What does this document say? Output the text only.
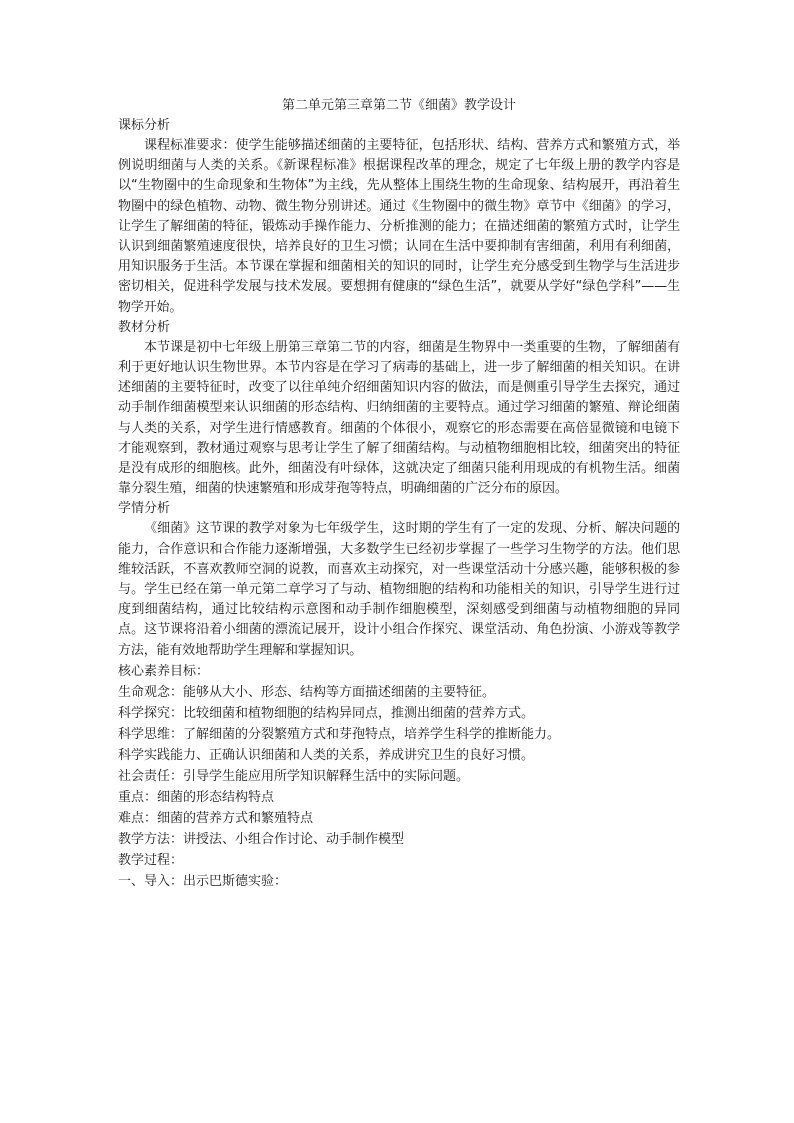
第二单元第三章第二节《细菌》教学设计

课标分析

课程标准要求：使学生能够描述细菌的主要特征，包括形状、结构、营养方式和繁殖方式，举例说明细菌与人类的关系。《新课程标准》根据课程改革的理念，规定了七年级上册的教学内容是以“生物圈中的生命现象和生物体”为主线，先从整体上围绕生物的生命现象、结构展开，再沿着生物圈中的绿色植物、动物、微生物分别讲述。通过《生物圈中的微生物》章节中《细菌》的学习，让学生了解细菌的特征，锻炼动手操作能力、分析推测的能力；在描述细菌的繁殖方式时，让学生认识到细菌繁殖速度很快，培养良好的卫生习惯；认同在生活中要抑制有害细菌，利用有利细菌，用知识服务于生活。本节课在掌握和细菌相关的知识的同时，让学生充分感受到生物学与生活进步密切相关，促进科学发展与技术发展。要想拥有健康的“绿色生活”，就要从学好“绿色学科”——生物学开始。

教材分析

本节课是初中七年级上册第三章第二节的内容，细菌是生物界中一类重要的生物，了解细菌有利于更好地认识生物世界。本节内容是在学习了病毒的基础上，进一步了解细菌的相关知识。在讲述细菌的主要特征时，改变了以往单纯介绍细菌知识内容的做法，而是侧重引导学生去探究，通过动手制作细菌模型来认识细菌的形态结构、归纳细菌的主要特点。通过学习细菌的繁殖、辩论细菌与人类的关系，对学生进行情感教育。细菌的个体很小，观察它的形态需要在高倍显微镜和电镜下才能观察到，教材通过观察与思考让学生了解了细菌结构。与动植物细胞相比较，细菌突出的特征是没有成形的细胞核。此外，细菌没有叶绿体，这就决定了细菌只能利用现成的有机物生活。细菌靠分裂生殖，细菌的快速繁殖和形成芽孢等特点，明确细菌的广泛分布的原因。

学情分析

《细菌》这节课的教学对象为七年级学生，这时期的学生有了一定的发现、分析、解决问题的能力，合作意识和合作能力逐渐增强，大多数学生已经初步掌握了一些学习生物学的方法。他们思维较活跃，不喜欢教师空洞的说教，而喜欢主动探究，对一些课堂活动十分感兴趣，能够积极的参与。学生已经在第一单元第二章学习了与动、植物细胞的结构和功能相关的知识，引导学生进行过度到细菌结构，通过比较结构示意图和动手制作细胞模型，深刻感受到细菌与动植物细胞的异同点。这节课将沿着小细菌的漂流记展开，设计小组合作探究、课堂活动、角色扮演、小游戏等教学方法，能有效地帮助学生理解和掌握知识。

核心素养目标：

生命观念：能够从大小、形态、结构等方面描述细菌的主要特征。

科学探究：比较细菌和植物细胞的结构异同点，推测出细菌的营养方式。

科学思维：了解细菌的分裂繁殖方式和芽孢特点，培养学生科学的推断能力。

科学实践能力、正确认识细菌和人类的关系，养成讲究卫生的良好习惯。

社会责任：引导学生能应用所学知识解释生活中的实际问题。

重点：细菌的形态结构特点

难点：细菌的营养方式和繁殖特点

教学方法：讲授法、小组合作讨论、动手制作模型

教学过程：

一、导入：出示巴斯德实验：
